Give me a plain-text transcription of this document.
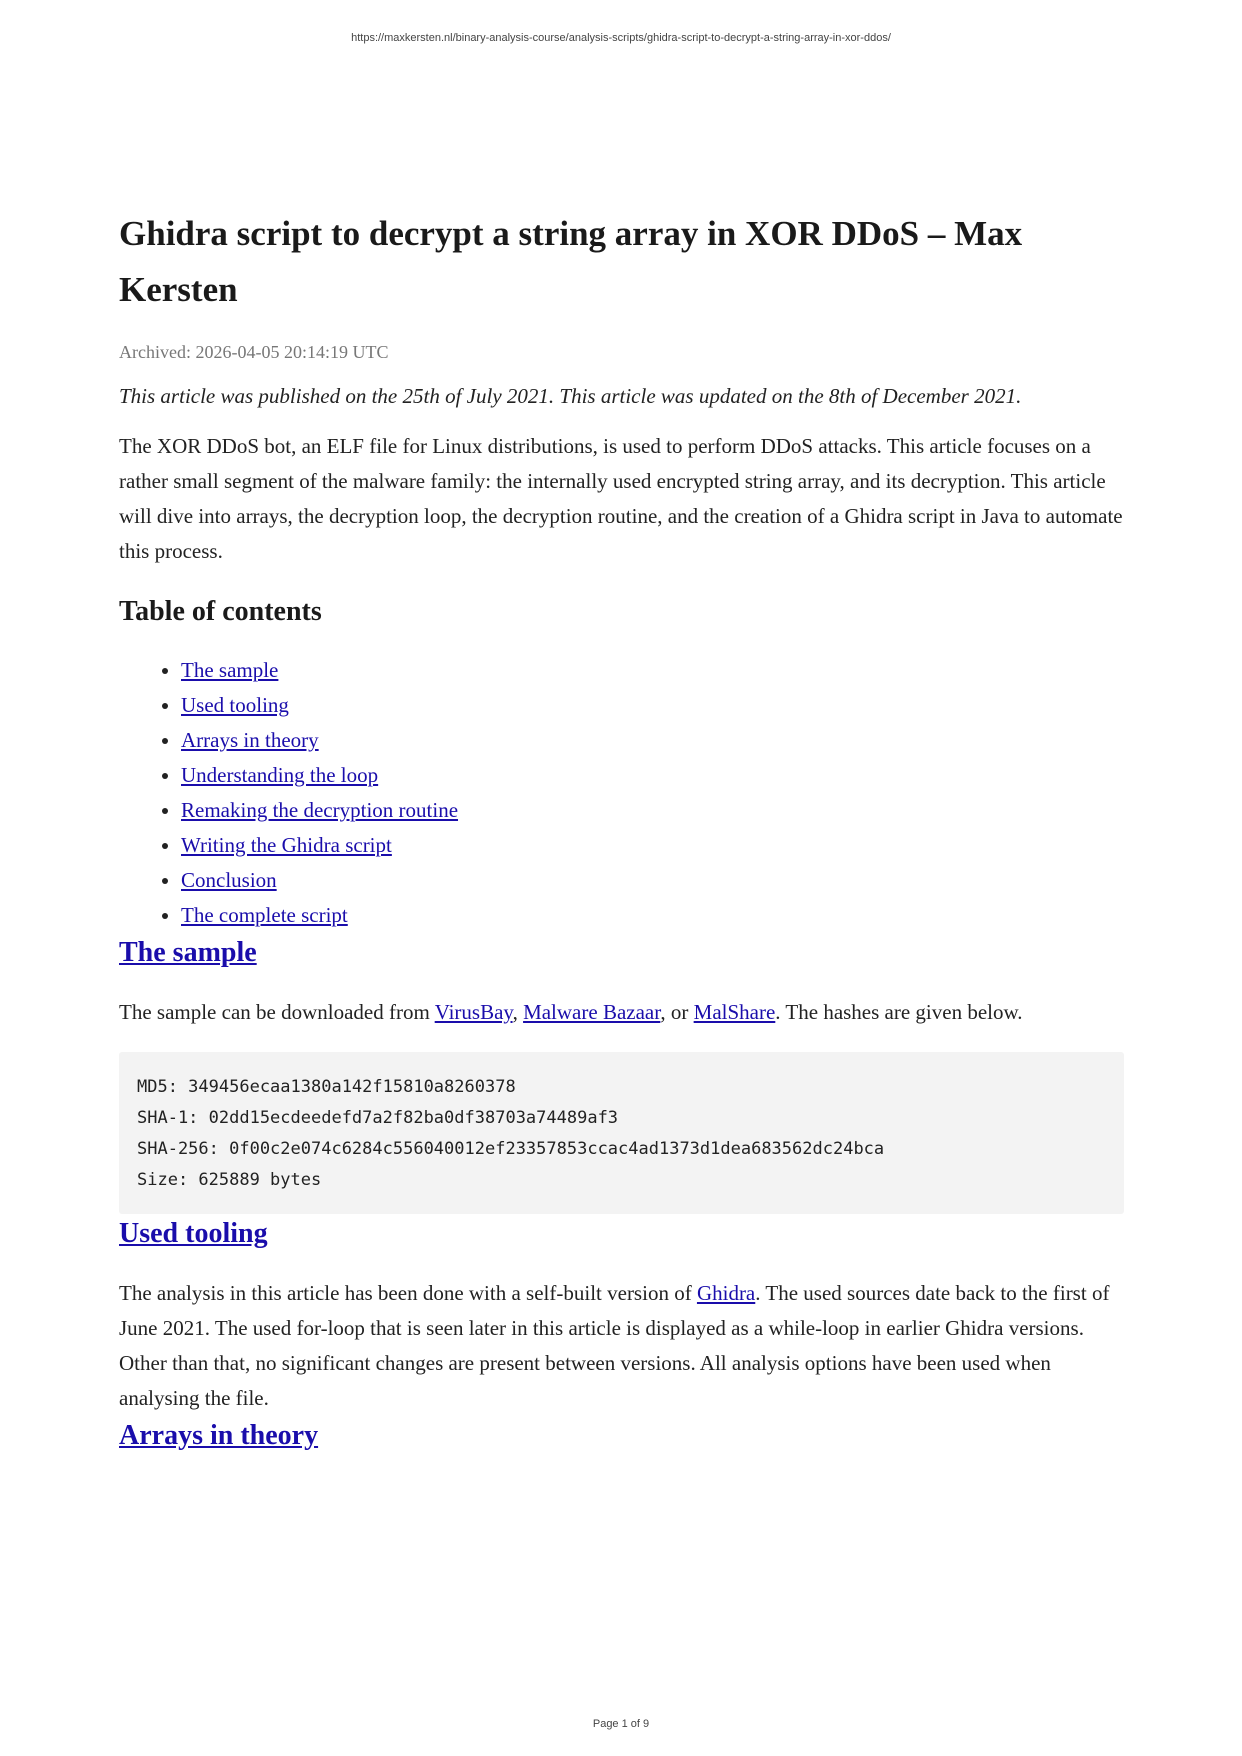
https://maxkersten.nl/binary-analysis-course/analysis-scripts/ghidra-script-to-decrypt-a-string-array-in-xor-ddos/
Ghidra script to decrypt a string array in XOR DDoS – Max Kersten
Archived: 2026-04-05 20:14:19 UTC
This article was published on the 25th of July 2021. This article was updated on the 8th of December 2021.

The XOR DDoS bot, an ELF file for Linux distributions, is used to perform DDoS attacks. This article focuses on a rather small segment of the malware family: the internally used encrypted string array, and its decryption. This article will dive into arrays, the decryption loop, the decryption routine, and the creation of a Ghidra script in Java to automate this process.

Table of contents
• The sample
• Used tooling
• Arrays in theory
• Understanding the loop
• Remaking the decryption routine
• Writing the Ghidra script
• Conclusion
• The complete script
The sample

The sample can be downloaded from VirusBay, Malware Bazaar, or MalShare. The hashes are given below.

MD5: 349456ecaa1380a142f15810a8260378
SHA-1: 02dd15ecdeedefd7a2f82ba0df38703a74489af3
SHA-256: 0f00c2e074c6284c556040012ef23357853ccac4ad1373d1dea683562dc24bca
Size: 625889 bytes
Used tooling

The analysis in this article has been done with a self-built version of Ghidra. The used sources date back to the first of June 2021. The used for-loop that is seen later in this article is displayed as a while-loop in earlier Ghidra versions. Other than that, no significant changes are present between versions. All analysis options have been used when analysing the file.

Arrays in theory
Page 1 of 9
